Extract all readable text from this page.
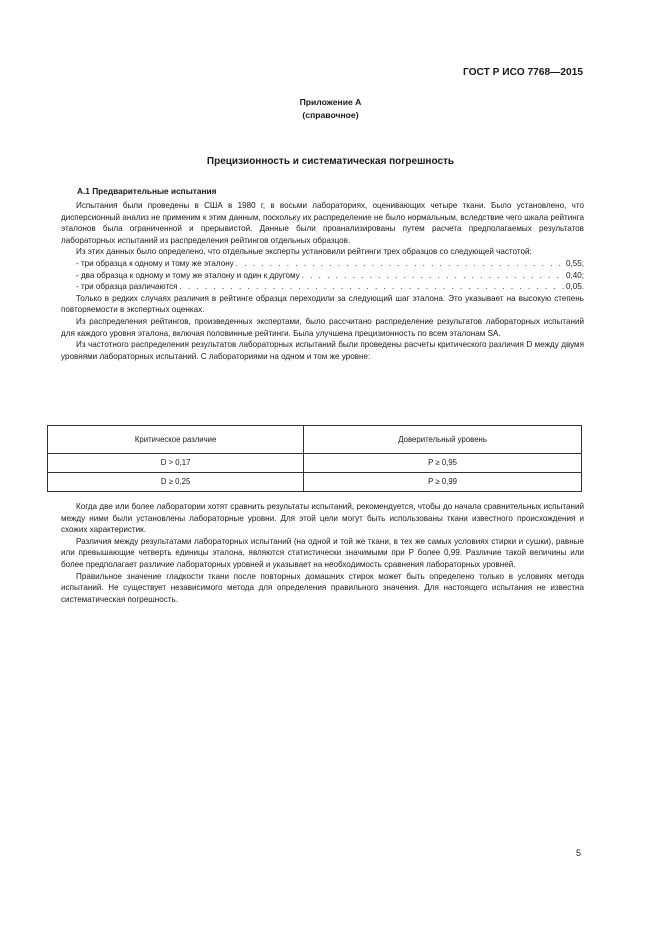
ГОСТ Р ИСО 7768—2015
Приложение А
(справочное)
Прецизионность и систематическая погрешность
А.1 Предварительные испытания

Испытания были проведены в США в 1980 г, в восьми лабораториях, оценивающих четыре ткани. Было установлено, что дисперсионный анализ не применим к этим данным, поскольку их распределение не было нормальным, вследствие чего шкала рейтинга эталонов была ограниченной и прерывистой. Данные были проанализированы путем расчета предполагаемых результатов лабораторных испытаний из распределения рейтингов отдельных образцов.

Из этих данных было определено, что отдельные эксперты установили рейтинги трех образцов со следующей частотой:

- три образца к одному и тому же эталону . . .	0,55;
- два образца к одному и тому же эталону и один к другому . . .	0,40;
- три образца различаются . . .	0,05.

Только в редких случаях различия в рейтинге образца переходили за следующий шаг эталона. Это указывает на высокую степень повторяемости в экспертных оценках.

Из распределения рейтингов, произведенных экспертами, было рассчитано распределение результатов лабораторных испытаний для каждого уровня эталона, включая половинные рейтинги. Была улучшена прецизионность по всем эталонам SA.

Из частотного распределения результатов лабораторных испытаний были проведены расчеты критического различия D между двумя уровнями лабораторных испытаний. С лабораториями на одном и том же уровне:

Критическое различие	Доверительный уровень
D > 0,17	P ≥ 0,95
D ≥ 0,25	P ≥ 0,99

Когда две или более лаборатории хотят сравнить результаты испытаний, рекомендуется, чтобы до начала сравнительных испытаний между ними были установлены лабораторные уровни. Для этой цели могут быть использованы ткани известного происхождения и схожих характеристик.

Различия между результатами лабораторных испытаний (на одной и той же ткани, в тех же самых условиях стирки и сушки), равные или превышающие четверть единицы эталона, являются статистически значимыми при P более 0,99. Различие такой величины или более предполагает различие лабораторных уровней и указывает на необходимость сравнения лабораторных уровней.

Правильное значение гладкости ткани после повторных домашних стирок может быть определено только в условиях метода испытаний. Не существует независимого метода для определения правильного значения. Для настоящего испытания не известна систематическая погрешность.

5
